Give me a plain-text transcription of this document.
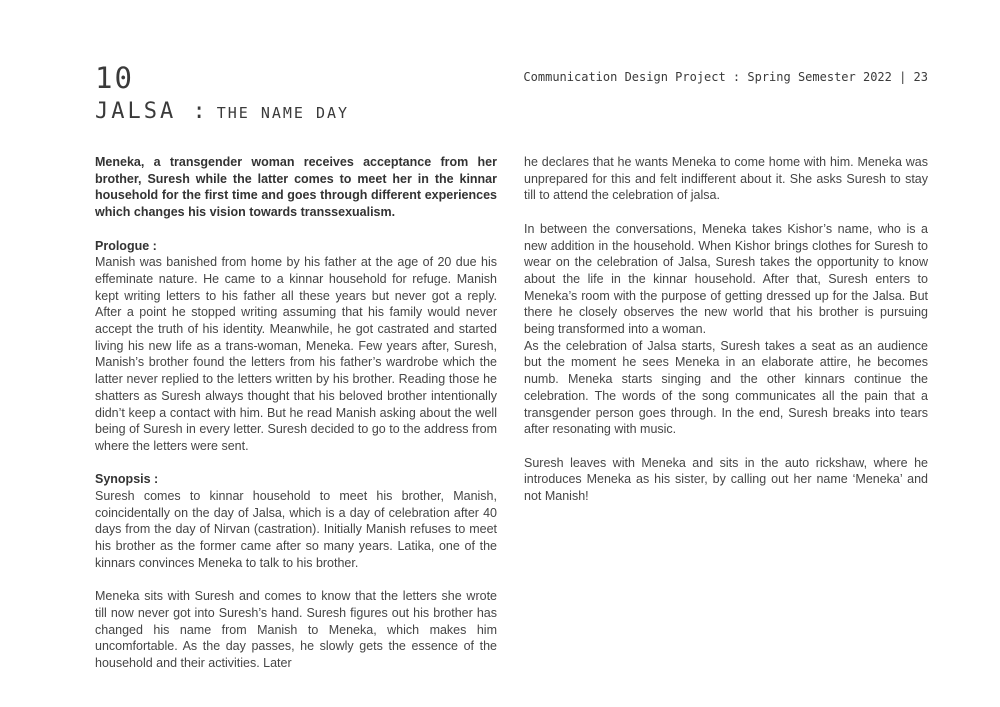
10
JALSA : THE NAME DAY
Communication Design Project : Spring Semester 2022 | 23

Meneka, a transgender woman receives acceptance from her brother, Suresh while the latter comes to meet her in the kinnar household for the first time and goes through different experiences which changes his vision towards transsexualism.

Prologue :
Manish was banished from home by his father at the age of 20 due his effeminate nature. He came to a kinnar household for refuge. Manish kept writing letters to his father all these years but never got a reply. After a point he stopped writing assuming that his family would never accept the truth of his identity. Meanwhile, he got castrated and started living his new life as a trans-woman, Meneka. Few years after, Suresh, Manish’s brother found the letters from his father’s wardrobe which the latter never replied to the letters written by his brother. Reading those he shatters as Suresh always thought that his beloved brother intentionally didn’t keep a contact with him. But he read Manish asking about the well being of Suresh in every letter. Suresh decided to go to the address from where the letters were sent.

Synopsis :
Suresh comes to kinnar household to meet his brother, Manish, coincidentally on the day of Jalsa, which is a day of celebration after 40 days from the day of Nirvan (castration). Initially Manish refuses to meet his brother as the former came after so many years. Latika, one of the kinnars convinces Meneka to talk to his brother.

Meneka sits with Suresh and comes to know that the letters she wrote till now never got into Suresh’s hand. Suresh figures out his brother has changed his name from Manish to Meneka, which makes him uncomfortable. As the day passes, he slowly gets the essence of the household and their activities. Later

he declares that he wants Meneka to come home with him. Meneka was unprepared for this and felt indifferent about it. She asks Suresh to stay till to attend the celebration of jalsa.

In between the conversations, Meneka takes Kishor’s name, who is a new addition in the household. When Kishor brings clothes for Suresh to wear on the celebration of Jalsa, Suresh takes the opportunity to know about the life in the kinnar household. After that, Suresh enters to Meneka’s room with the purpose of getting dressed up for the Jalsa. But there he closely observes the new world that his brother is pursuing being transformed into a woman.

As the celebration of Jalsa starts, Suresh takes a seat as an audience but the moment he sees Meneka in an elaborate attire, he becomes numb. Meneka starts singing and the other kinnars continue the celebration. The words of the song communicates all the pain that a transgender person goes through. In the end, Suresh breaks into tears after resonating with music.

Suresh leaves with Meneka and sits in the auto rickshaw, where he introduces Meneka as his sister, by calling out her name ‘Meneka’ and not Manish!
